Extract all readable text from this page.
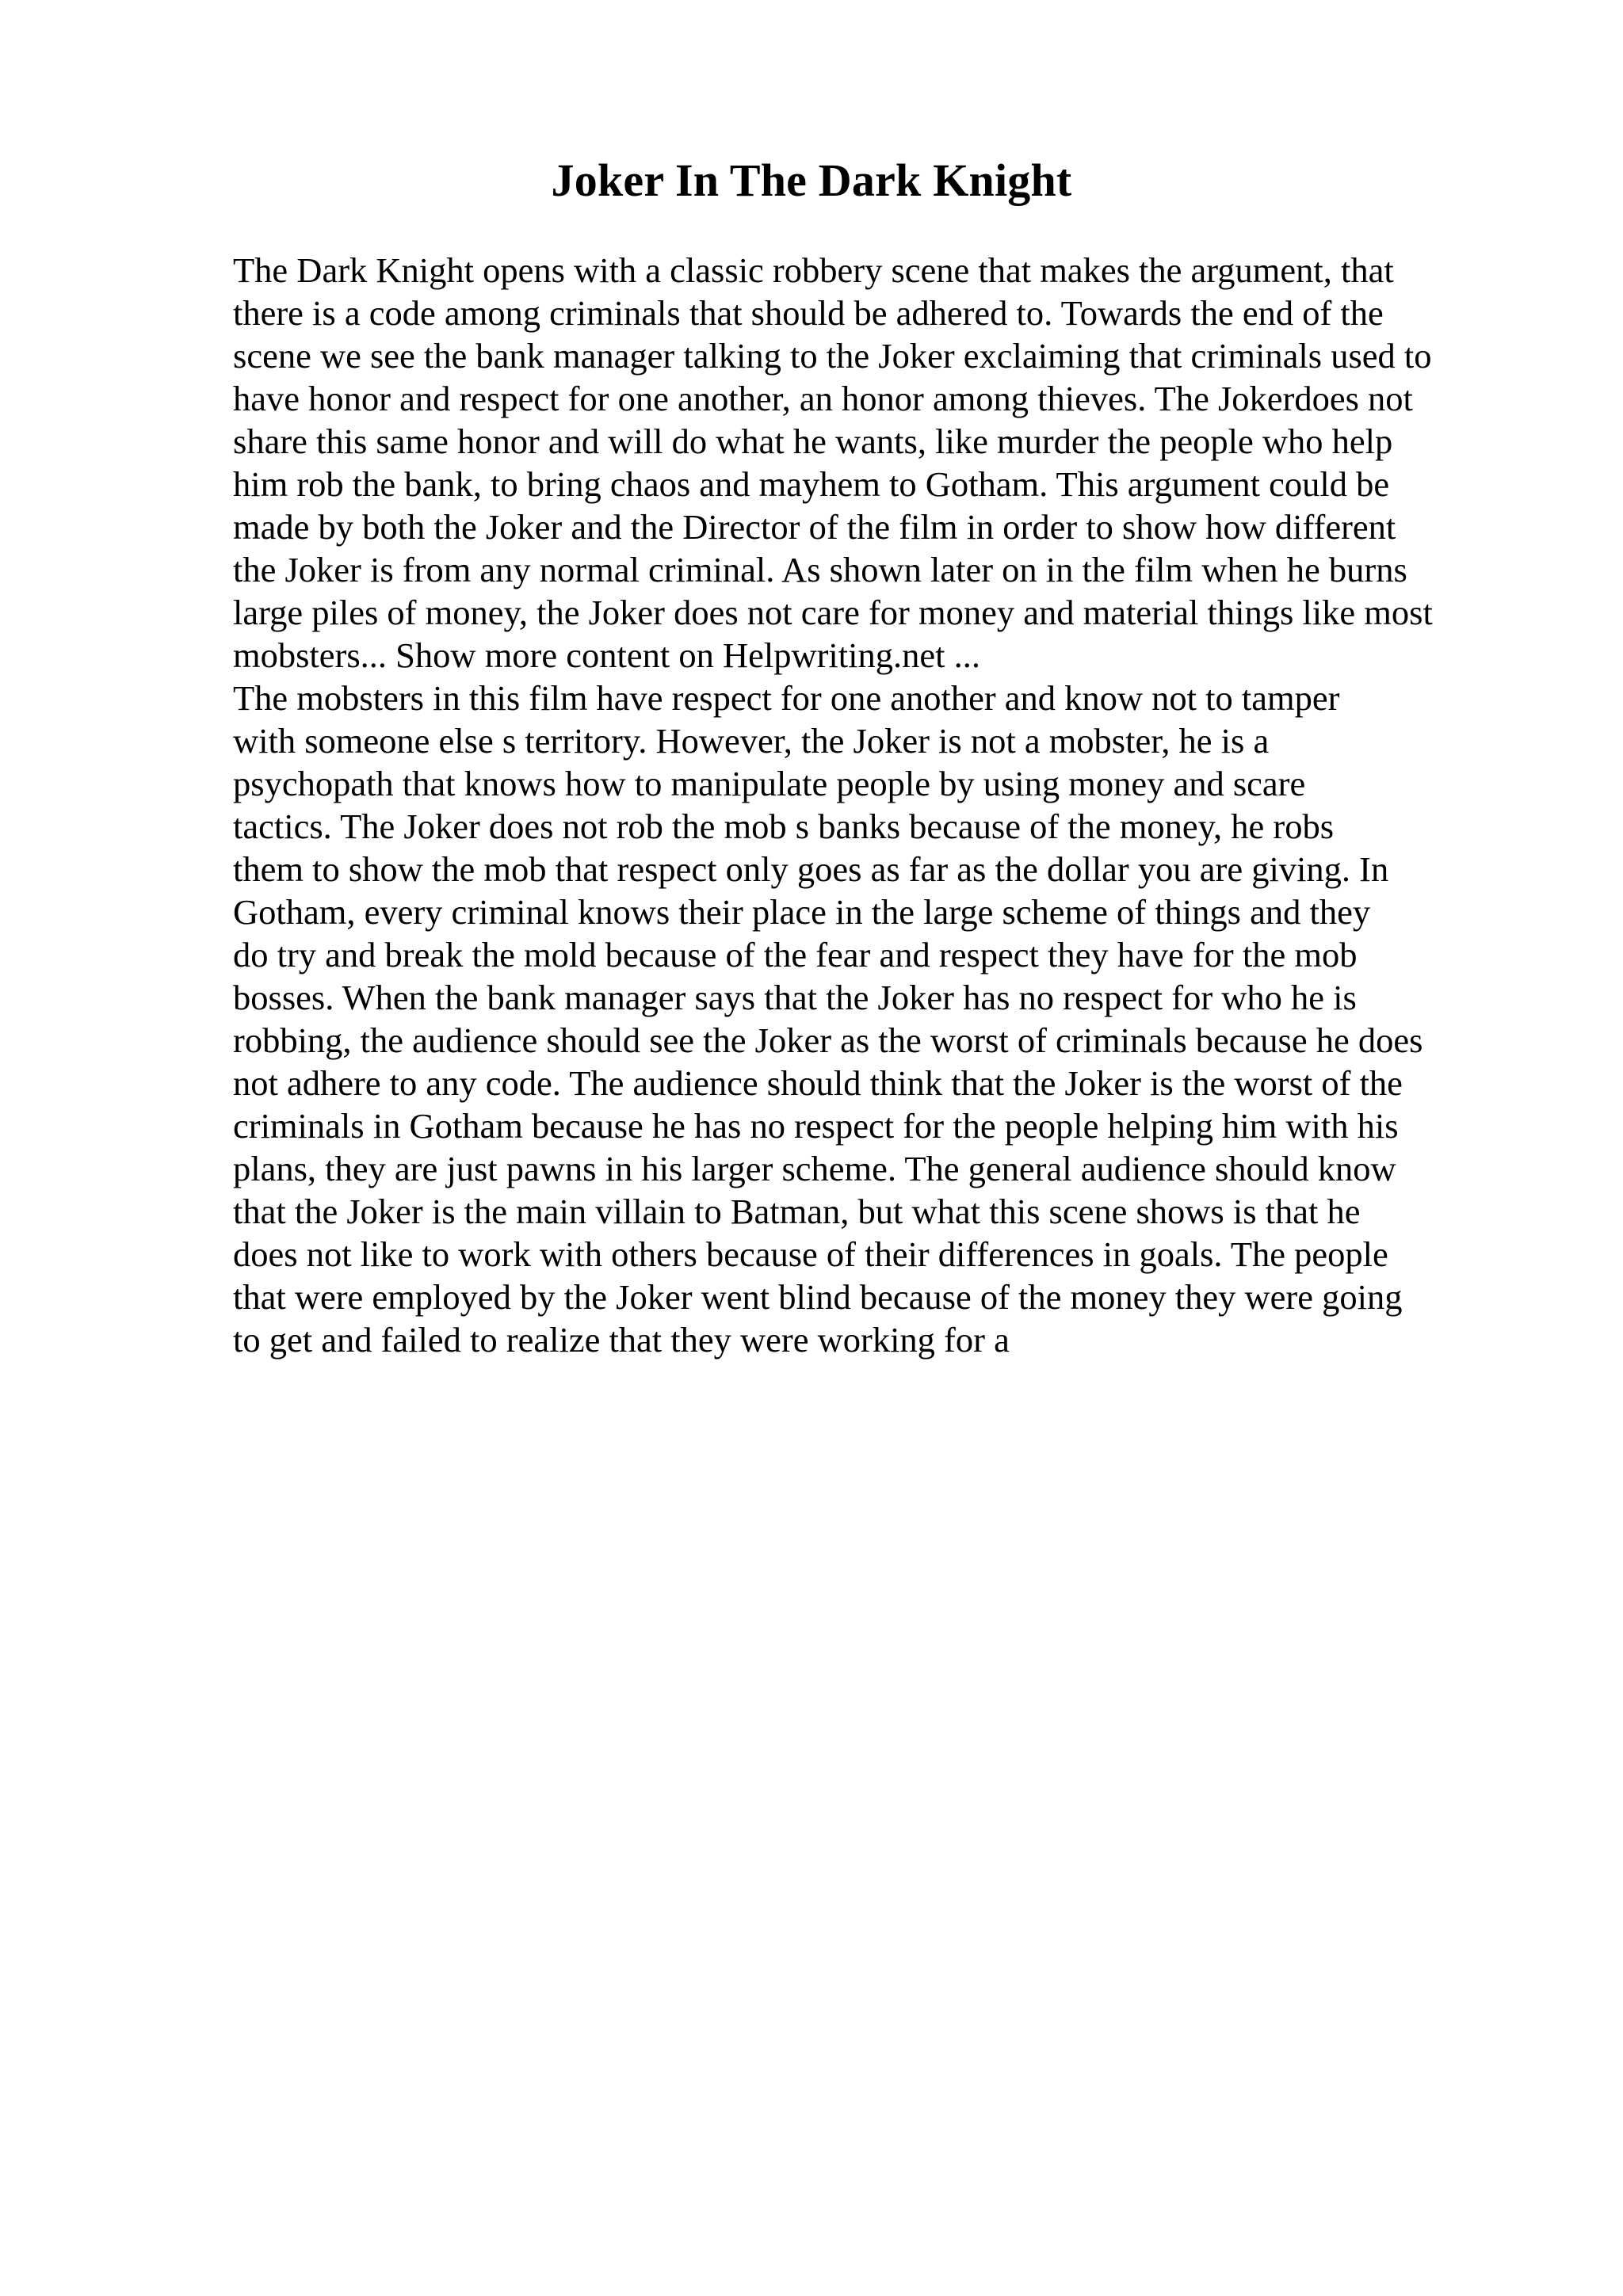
Joker In The Dark Knight

The Dark Knight opens with a classic robbery scene that makes the argument, that
there is a code among criminals that should be adhered to. Towards the end of the
scene we see the bank manager talking to the Joker exclaiming that criminals used to
have honor and respect for one another, an honor among thieves. The Jokerdoes not
share this same honor and will do what he wants, like murder the people who help
him rob the bank, to bring chaos and mayhem to Gotham. This argument could be
made by both the Joker and the Director of the film in order to show how different
the Joker is from any normal criminal. As shown later on in the film when he burns
large piles of money, the Joker does not care for money and material things like most
mobsters... Show more content on Helpwriting.net ...

The mobsters in this film have respect for one another and know not to tamper
with someone else s territory. However, the Joker is not a mobster, he is a
psychopath that knows how to manipulate people by using money and scare
tactics. The Joker does not rob the mob s banks because of the money, he robs
them to show the mob that respect only goes as far as the dollar you are giving. In
Gotham, every criminal knows their place in the large scheme of things and they
do try and break the mold because of the fear and respect they have for the mob
bosses. When the bank manager says that the Joker has no respect for who he is
robbing, the audience should see the Joker as the worst of criminals because he does
not adhere to any code. The audience should think that the Joker is the worst of the
criminals in Gotham because he has no respect for the people helping him with his
plans, they are just pawns in his larger scheme. The general audience should know
that the Joker is the main villain to Batman, but what this scene shows is that he
does not like to work with others because of their differences in goals. The people
that were employed by the Joker went blind because of the money they were going
to get and failed to realize that they were working for a
